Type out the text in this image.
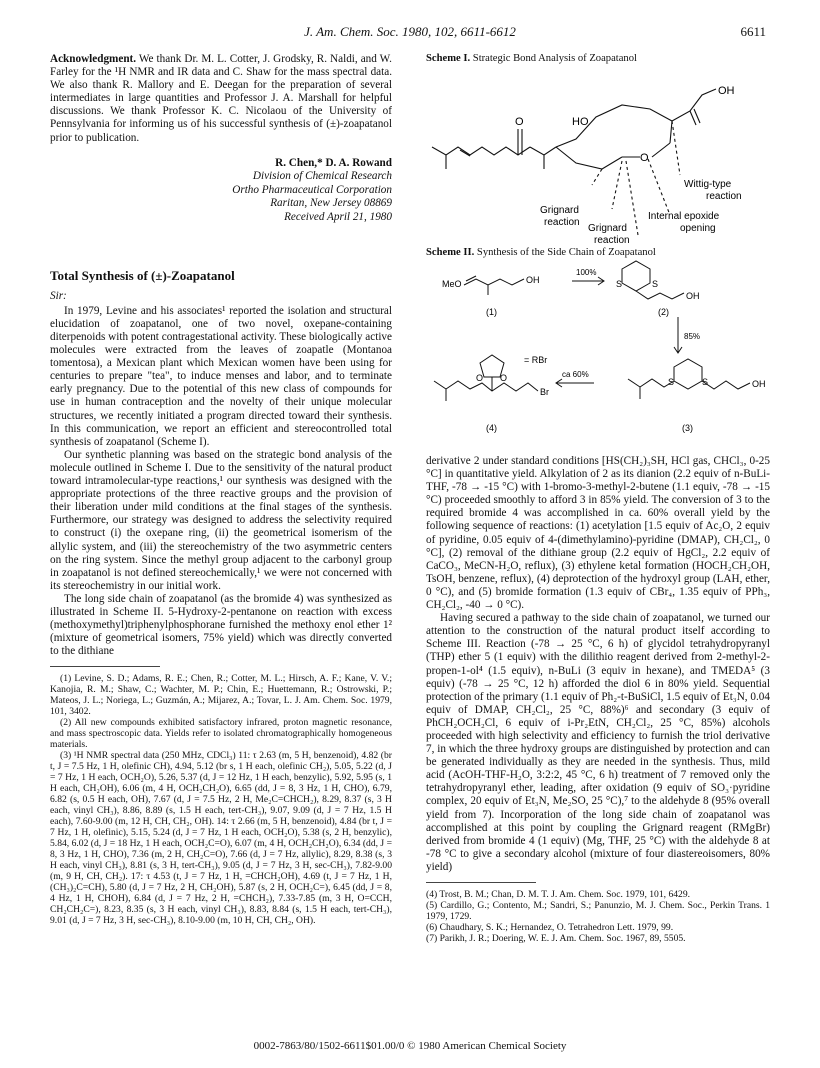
J. Am. Chem. Soc. 1980, 102, 6611-6612	6611

Acknowledgment. We thank Dr. M. L. Cotter, J. Grodsky, R. Naldi, and W. Farley for the ¹H NMR and IR data and C. Shaw for the mass spectral data. We also thank R. Mallory and E. Deegan for the preparation of several intermediates in large quantities and Professor J. A. Marshall for helpful discussions. We thank Professor K. C. Nicolaou of the University of Pennsylvania for informing us of his successful synthesis of (±)-zoapatanol prior to publication.

R. Chen,* D. A. Rowand
Division of Chemical Research
Ortho Pharmaceutical Corporation
Raritan, New Jersey 08869
Received April 21, 1980
Total Synthesis of (±)-Zoapatanol
Sir:

In 1979, Levine and his associates¹ reported the isolation and structural elucidation of zoapatanol, one of two novel, oxepane-containing diterpenoids with potent contragestational activity. These biologically active molecules were extracted from the leaves of zoapatle (Montanoa tomentosa), a Mexican plant which Mexican women have been using for centuries to prepare "tea", to induce menses and labor, and to terminate early pregnancy. Due to the potential of this new class of compounds for use in human contraception and the novelty of their unique molecular structures, we recently initiated a program directed toward their synthesis. In this communication, we report an efficient and stereocontrolled total synthesis of zoapatanol (Scheme I).

Our synthetic planning was based on the strategic bond analysis of the molecule outlined in Scheme I. Due to the sensitivity of the natural product toward intramolecular-type reactions,¹ our synthesis was designed with the appropriate protections of the three reactive groups and the provision of their liberation under mild conditions at the final stages of the synthesis. Furthermore, our strategy was designed to address the selectivity required to construct (i) the oxepane ring, (ii) the geometrical isomerism of the allylic system, and (iii) the stereochemistry of the two asymmetric centers on the ring system. Since the methyl group adjacent to the carbonyl group in zoapatanol is not defined stereochemically,¹ we were not concerned with its stereochemistry in our initial work.

The long side chain of zoapatanol (as the bromide 4) was synthesized as illustrated in Scheme II. 5-Hydroxy-2-pentanone on reaction with excess (methoxymethyl)triphenylphosphorane furnished the methoxy enol ether 1² (mixture of geometrical isomers, 75% yield) which was directly converted to the dithiane

(1) Levine, S. D.; Adams, R. E.; Chen, R.; Cotter, M. L.; Hirsch, A. F.; Kane, V. V.; Kanojia, R. M.; Shaw, C.; Wachter, M. P.; Chin, E.; Huettemann, R.; Ostrowski, P.; Mateos, J. L.; Noriega, L.; Guzmán, A.; Mijarez, A.; Tovar, L. J. Am. Chem. Soc. 1979, 101, 3402.

(2) All new compounds exhibited satisfactory infrared, proton magnetic resonance, and mass spectroscopic data. Yields refer to isolated chromatographically homogeneous materials.

(3) ¹H NMR spectral data (250 MHz, CDCl₃) 11: τ 2.63 (m, 5 H, benzenoid), 4.82 (br t, J = 7.5 Hz, 1 H, olefinic CH), 4.94, 5.12 (br s, 1 H each, olefinic CH₂), 5.05, 5.22 (d, J = 7 Hz, 1 H each, OCH₂O), 5.26, 5.37 (d, J = 12 Hz, 1 H each, benzylic), 5.92, 5.95 (s, 1 H each, CH₂OH), 6.06 (m, 4 H, OCH₂CH₂O), 6.65 (dd, J = 8, 3 Hz, 1 H, CHO), 6.79, 6.82 (s, 0.5 H each, OH), 7.67 (d, J = 7.5 Hz, 2 H, Me₂C=CHCH₂), 8.29, 8.37 (s, 3 H each, vinyl CH₃), 8.86, 8.89 (s, 1.5 H each, tert-CH₃), 9.07, 9.09 (d, J = 7 Hz, 1.5 H each), 7.60-9.00 (m, 12 H, CH, CH₂, OH). 14: τ 2.66 (m, 5 H, benzenoid), 4.84 (br t, J = 7 Hz, 1 H, olefinic), 5.15, 5.24 (d, J = 7 Hz, 1 H each, OCH₂O), 5.38 (s, 2 H, benzylic), 5.84, 6.02 (d, J = 18 Hz, 1 H each, OCH₂C=O), 6.07 (m, 4 H, OCH₂CH₂O), 6.34 (dd, J = 8, 3 Hz, 1 H, CHO), 7.36 (m, 2 H, CH₂C=O), 7.66 (d, J = 7 Hz, allylic), 8.29, 8.38 (s, 3 H each, vinyl CH₃), 8.81 (s, 3 H, tert-CH₃), 9.05 (d, J = 7 Hz, 3 H, sec-CH₃), 7.82-9.00 (m, 9 H, CH, CH₂). 17: τ 4.53 (t, J = 7 Hz, 1 H, =CHCH₂OH), 4.69 (t, J = 7 Hz, 1 H, (CH₃)₂C=CH), 5.80 (d, J = 7 Hz, 2 H, CH₂OH), 5.87 (s, 2 H, OCH₂C=), 6.45 (dd, J = 8, 4 Hz, 1 H, CHOH), 6.84 (d, J = 7 Hz, 2 H, =CHCH₂), 7.33-7.85 (m, 3 H, O=CCH, CH₂CH₂C=), 8.23, 8.35 (s, 3 H each, vinyl CH₃), 8.83, 8.84 (s, 1.5 H each, tert-CH₃), 9.01 (d, J = 7 Hz, 3 H, sec-CH₃), 8.10-9.00 (m, 10 H, CH, CH₂, OH).

Scheme I. Strategic Bond Analysis of Zoapatanol
OH
O	HO
O
Wittig-type
reaction
Grignard
reaction
Internal epoxide
opening
Grignard
reaction
Scheme II. Synthesis of the Side Chain of Zoapatanol
MeO	OH
100%
S	S
OH
(1)	(2)
85%
= RBr
ca 60%
O O
Br
S	S	OH
(4)	(3)

derivative 2 under standard conditions [HS(CH₂)₃SH, HCl gas, CHCl₃, 0-25 °C] in quantitative yield. Alkylation of 2 as its dianion (2.2 equiv of n-BuLi-THF, -78 → -15 °C) with 1-bromo-3-methyl-2-butene (1.1 equiv, -78 → -15 °C) proceeded smoothly to afford 3 in 85% yield. The conversion of 3 to the required bromide 4 was accomplished in ca. 60% overall yield by the following sequence of reactions: (1) acetylation [1.5 equiv of Ac₂O, 2 equiv of pyridine, 0.05 equiv of 4-(dimethylamino)-pyridine (DMAP), CH₂Cl₂, 0 °C], (2) removal of the dithiane group (2.2 equiv of HgCl₂, 2.2 equiv of CaCO₃, MeCN-H₂O, reflux), (3) ethylene ketal formation (HOCH₂CH₂OH, TsOH, benzene, reflux), (4) deprotection of the hydroxyl group (LAH, ether, 0 °C), and (5) bromide formation (1.3 equiv of CBr₄, 1.35 equiv of PPh₃, CH₂Cl₂, -40 → 0 °C).

Having secured a pathway to the side chain of zoapatanol, we turned our attention to the construction of the natural product itself according to Scheme III. Reaction (-78 → 25 °C, 6 h) of glycidol tetrahydropyranyl (THP) ether 5 (1 equiv) with the dilithio reagent derived from 2-methyl-2-propen-1-ol⁴ (1.5 equiv), n-BuLi (3 equiv in hexane), and TMEDA⁵ (3 equiv) (-78 → 25 °C, 12 h) afforded the diol 6 in 80% yield. Sequential protection of the primary (1.1 equiv of Ph₂-t-BuSiCl, 1.5 equiv of Et₃N, 0.04 equiv of DMAP, CH₂Cl₂, 25 °C, 88%)⁶ and secondary (3 equiv of PhCH₂OCH₂Cl, 6 equiv of i-Pr₂EtN, CH₂Cl₂, 25 °C, 85%) alcohols proceeded with high selectivity and efficiency to furnish the triol derivative 7, in which the three hydroxy groups are distinguished by protection and can be generated individually as they are needed in the synthesis. Thus, mild acid (AcOH-THF-H₂O, 3:2:2, 45 °C, 6 h) treatment of 7 removed only the tetrahydropyranyl ether, leading, after oxidation (9 equiv of SO₃·pyridine complex, 20 equiv of Et₃N, Me₂SO, 25 °C),⁷ to the aldehyde 8 (95% overall yield from 7). Incorporation of the long side chain of zoapatanol was accomplished at this point by coupling the Grignard reagent (RMgBr) derived from bromide 4 (1 equiv) (Mg, THF, 25 °C) with the aldehyde 8 at -78 °C to give a secondary alcohol (mixture of four diastereoisomers, 80% yield)

(4) Trost, B. M.; Chan, D. M. T. J. Am. Chem. Soc. 1979, 101, 6429.
(5) Cardillo, G.; Contento, M.; Sandri, S.; Panunzio, M. J. Chem. Soc., Perkin Trans. 1 1979, 1729.
(6) Chaudhary, S. K.; Hernandez, O. Tetrahedron Lett. 1979, 99.
(7) Parikh, J. R.; Doering, W. E. J. Am. Chem. Soc. 1967, 89, 5505.
0002-7863/80/1502-6611$01.00/0 © 1980 American Chemical Society
